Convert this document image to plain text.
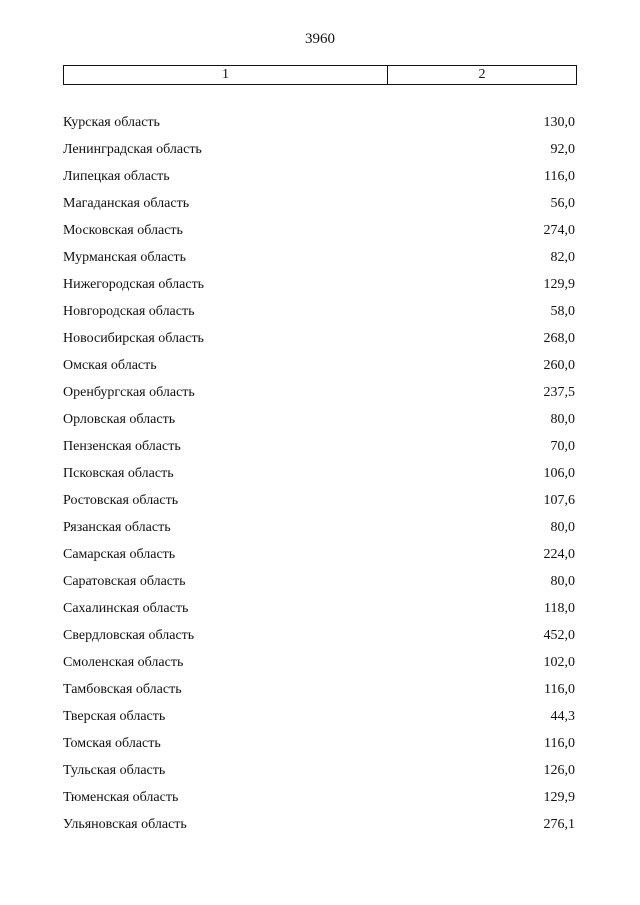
3960
1	2
Курская область	130,0
Ленинградская область	92,0
Липецкая область	116,0
Магаданская область	56,0
Московская область	274,0
Мурманская область	82,0
Нижегородская область	129,9
Новгородская область	58,0
Новосибирская область	268,0
Омская область	260,0
Оренбургская область	237,5
Орловская область	80,0
Пензенская область	70,0
Псковская область	106,0
Ростовская область	107,6
Рязанская область	80,0
Самарская область	224,0
Саратовская область	80,0
Сахалинская область	118,0
Свердловская область	452,0
Смоленская область	102,0
Тамбовская область	116,0
Тверская область	44,3
Томская область	116,0
Тульская область	126,0
Тюменская область	129,9
Ульяновская область	276,1
